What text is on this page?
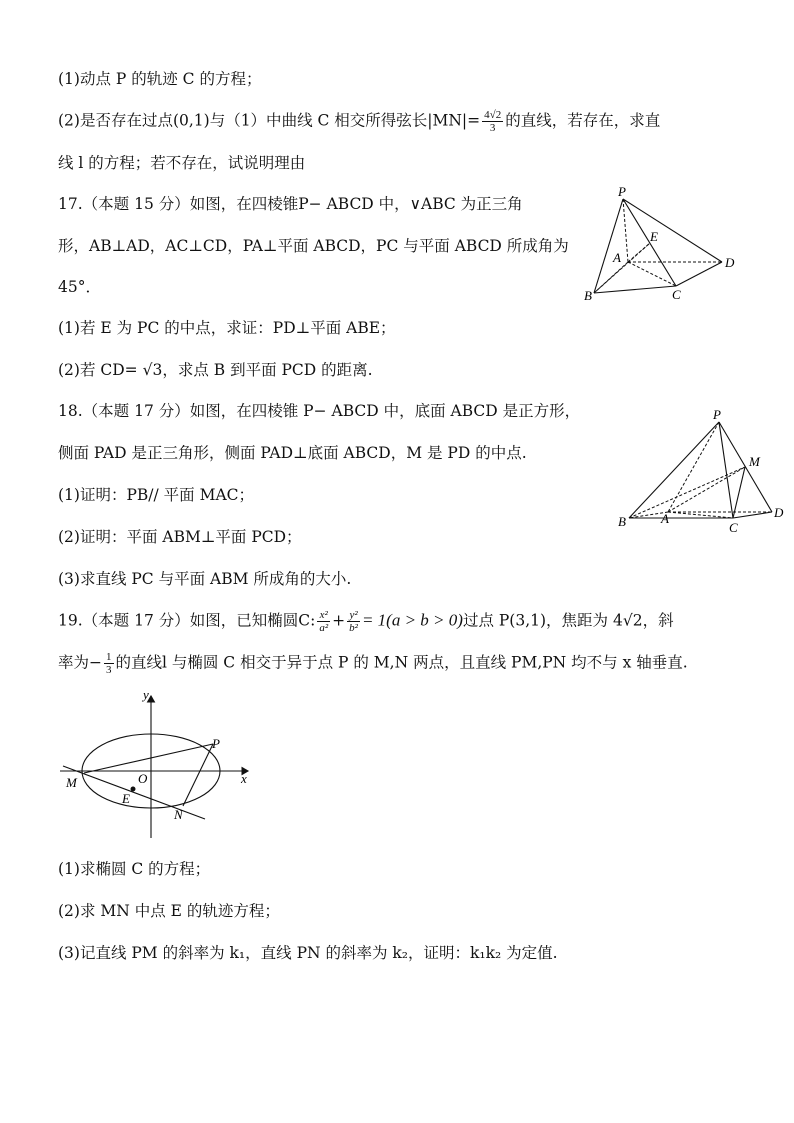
(1)动点 P 的轨迹 C 的方程；
(2)是否存在过点(0,1)与（1）中曲线 C 相交所得弦长$|MN|= \frac{4√2}{3}$ 的直线，若存在，求直
线 l 的方程；若不存在，试说明理由
17.（本题 15 分）如图，在四棱锥P− ABCD 中，∨ABC 为正三角
形，AB⊥AD，AC⊥CD，PA⊥平面 ABCD，PC 与平面 ABCD 所成角为
45°．
(1)若 E 为 PC 的中点，求证：PD⊥平面 ABE；
(2)若 CD= √3，求点 B 到平面 PCD 的距离.
18.（本题 17 分）如图，在四棱锥 P− ABCD 中，底面 ABCD 是正方形，
侧面 PAD 是正三角形，侧面 PAD⊥底面 ABCD，M 是 PD 的中点.
(1)证明：PB// 平面 MAC；
(2)证明：平面 ABM⊥平面 PCD；
(3)求直线 PC 与平面 ABM 所成角的大小.
19.（本题 17 分）如图，已知椭圆C: $\frac{\text{x²}}{\text{a²}} + \frac{\text{y²}}{\text{b²}} = 1(a > b > 0)$过点 P(3,1)，焦距为 4√2，斜
率为− $\frac{1}{3}$ 的直线l 与椭圆 C 相交于异于点 P 的 M,N 两点，且直线 PM,PN 均不与 x 轴垂直.
(1)求椭圆 C 的方程；
(2)求 MN 中点 E 的轨迹方程；
(3)记直线 PM 的斜率为 k₁，直线 PN 的斜率为 k₂，证明：k₁k₂ 为定值.
P
E
A	D
B	C
P
M
B	A
C
D
y
x
P
O
M
E
N
